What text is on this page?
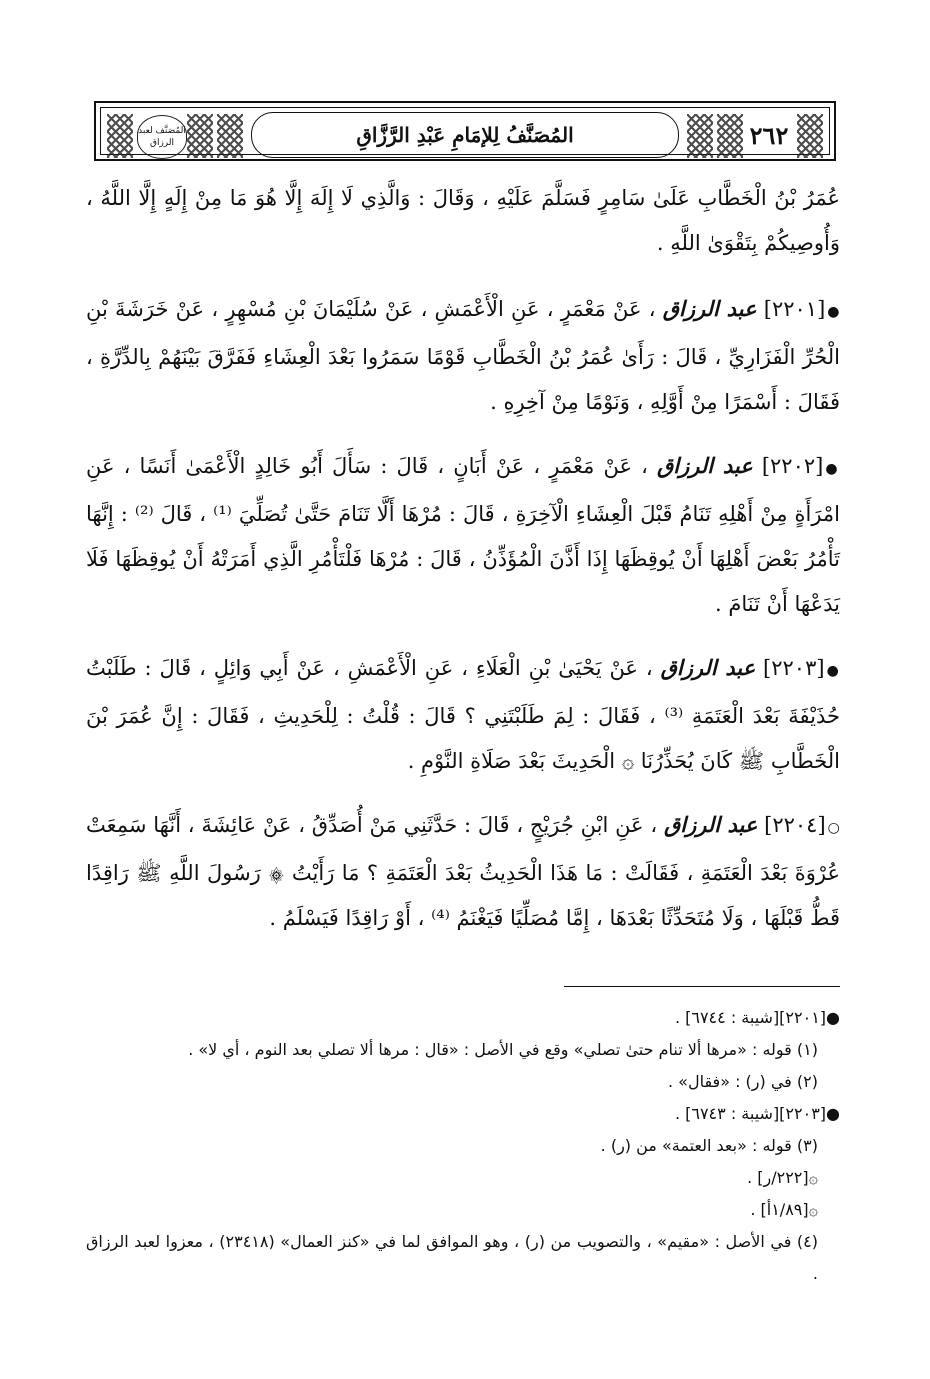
المُصَنَّف لعبد الرزاق	المُصَنَّفُ لِلإمَامِ عَبْدِ الرَّزَّاقِ	٢٦٢

عُمَرُ بْنُ الْخَطَّابِ عَلَىٰ سَامِرٍ فَسَلَّمَ عَلَيْهِ ، وَقَالَ : وَالَّذِي لَا إِلَهَ إِلَّا هُوَ مَا مِنْ إِلَهٍ إِلَّا اللَّهُ ، وَأُوصِيكُمْ بِتَقْوَىٰ اللَّهِ .

●[٢٢٠١] عبد الرزاق ، عَنْ مَعْمَرٍ ، عَنِ الْأَعْمَشِ ، عَنْ سُلَيْمَانَ بْنِ مُسْهِرٍ ، عَنْ خَرَشَةَ بْنِ الْحُرِّ الْفَزَارِيِّ ، قَالَ : رَأَىٰ عُمَرُ بْنُ الْخَطَّابِ قَوْمًا سَمَرُوا بَعْدَ الْعِشَاءِ فَفَرَّقَ بَيْنَهُمْ بِالدِّرَّةِ ، فَقَالَ : أَسْمَرًا مِنْ أَوَّلِهِ ، وَنَوْمًا مِنْ آخِرِهِ .

●[٢٢٠٢] عبد الرزاق ، عَنْ مَعْمَرٍ ، عَنْ أَبَانٍ ، قَالَ : سَأَلَ أَبُو خَالِدٍ الْأَعْمَىٰ أَنَسًا ، عَنِ امْرَأَةٍ مِنْ أَهْلِهِ تَنَامُ قَبْلَ الْعِشَاءِ الْآخِرَةِ ، قَالَ : مُرْهَا أَلَّا تَنَامَ حَتَّىٰ تُصَلِّيَ ⁽¹⁾ ، قَالَ ⁽²⁾ : إِنَّهَا تَأْمُرُ بَعْضَ أَهْلِهَا أَنْ يُوقِظَهَا إِذَا أَذَّنَ الْمُؤَذِّنُ ، قَالَ : مُرْهَا فَلْتَأْمُرِ الَّذِي أَمَرَتْهُ أَنْ يُوقِظَهَا فَلَا يَدَعْهَا أَنْ تَنَامَ .

●[٢٢٠٣] عبد الرزاق ، عَنْ يَحْيَىٰ بْنِ الْعَلَاءِ ، عَنِ الْأَعْمَشِ ، عَنْ أَبِي وَائِلٍ ، قَالَ : طَلَبْتُ حُذَيْفَةَ بَعْدَ الْعَتَمَةِ ⁽³⁾ ، فَقَالَ : لِمَ طَلَبْتَنِي ؟ قَالَ : قُلْتُ : لِلْحَدِيثِ ، فَقَالَ : إِنَّ عُمَرَ بْنَ الْخَطَّابِ ﷺ كَانَ يُحَذِّرُنَا ۞ الْحَدِيثَ بَعْدَ صَلَاةِ النَّوْمِ .

○[٢٢٠٤] عبد الرزاق ، عَنِ ابْنِ جُرَيْجٍ ، قَالَ : حَدَّثَنِي مَنْ أُصَدِّقُ ، عَنْ عَائِشَةَ ، أَنَّهَا سَمِعَتْ عُرْوَةَ بَعْدَ الْعَتَمَةِ ، فَقَالَتْ : مَا هَذَا الْحَدِيثُ بَعْدَ الْعَتَمَةِ ؟ مَا رَأَيْتُ ۞ رَسُولَ اللَّهِ ﷺ رَاقِدًا قَطُّ قَبْلَهَا ، وَلَا مُتَحَدِّثًا بَعْدَهَا ، إِمَّا مُصَلِّيًا فَيَغْنَمُ ⁽⁴⁾ ، أَوْ رَاقِدًا فَيَسْلَمُ .

●[٢٢٠١][شيبة : ٦٧٤٤] .

(١) قوله : «مرها ألا تنام حتىٰ تصلي» وقع في الأصل : «قال : مرها ألا تصلي بعد النوم ، أي لا» .

(٢) في (ر) : «فقال» .

●[٢٢٠٣][شيبة : ٦٧٤٣] .

(٣) قوله : «بعد العتمة» من (ر) .

۞[٢٢٢/ر] .

۞[١/٨٩أ] .

(٤) في الأصل : «مقيم» ، والتصويب من (ر) ، وهو الموافق لما في «كنز العمال» (٢٣٤١٨) ، معزوا لعبد الرزاق .
